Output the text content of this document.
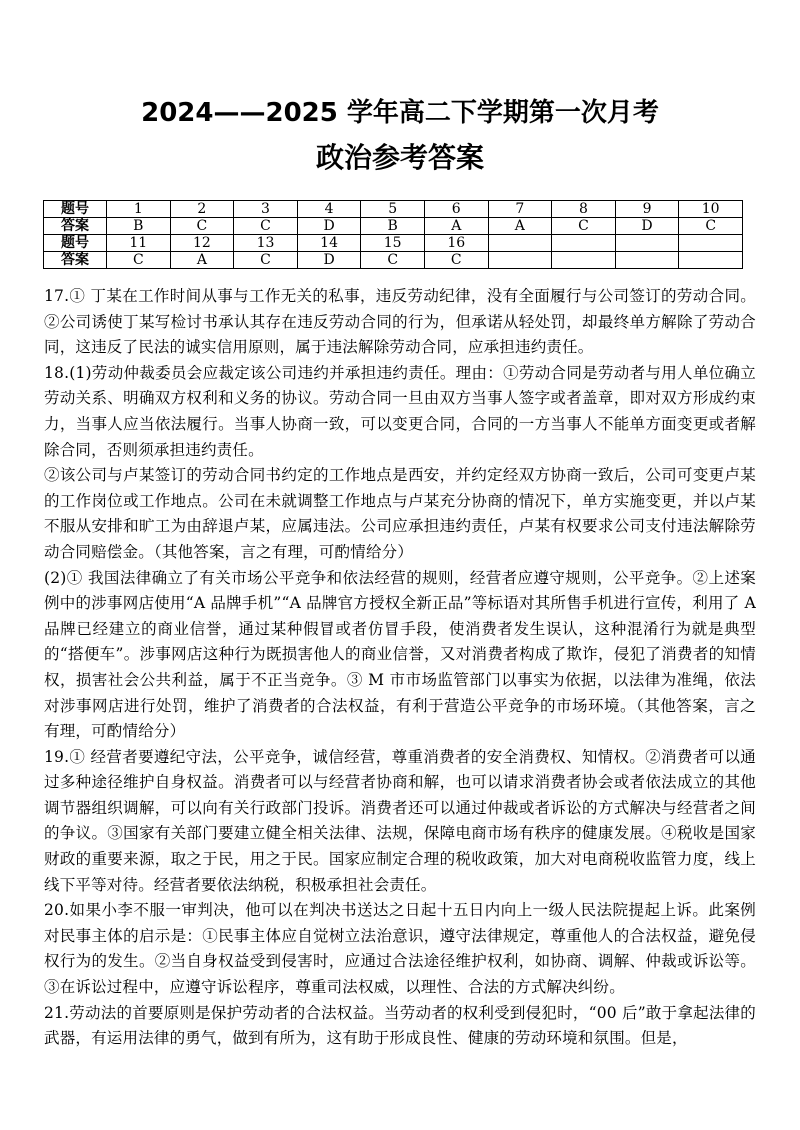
2024——2025 学年高二下学期第一次月考
政治参考答案
题号	1	2	3	4	5	6	7	8	9	10
答案	B	C	C	D	B	A	A	C	D	C
题号	11	12	13	14	15	16				
答案	C	A	C	D	C	C				

17.① 丁某在工作时间从事与工作无关的私事，违反劳动纪律，没有全面履行与公司签订的劳动合同。②公司诱使丁某写检讨书承认其存在违反劳动合同的行为，但承诺从轻处罚，却最终单方解除了劳动合同，这违反了民法的诚实信用原则，属于违法解除劳动合同，应承担违约责任。

18.(1)劳动仲裁委员会应裁定该公司违约并承担违约责任。理由：①劳动合同是劳动者与用人单位确立劳动关系、明确双方权利和义务的协议。劳动合同一旦由双方当事人签字或者盖章，即对双方形成约束力，当事人应当依法履行。当事人协商一致，可以变更合同，合同的一方当事人不能单方面变更或者解除合同，否则须承担违约责任。

②该公司与卢某签订的劳动合同书约定的工作地点是西安，并约定经双方协商一致后，公司可变更卢某的工作岗位或工作地点。公司在未就调整工作地点与卢某充分协商的情况下，单方实施变更，并以卢某不服从安排和旷工为由辞退卢某，应属违法。公司应承担违约责任，卢某有权要求公司支付违法解除劳动合同赔偿金。（其他答案，言之有理，可酌情给分）

(2)① 我国法律确立了有关市场公平竞争和依法经营的规则，经营者应遵守规则，公平竞争。②上述案例中的涉事网店使用“A 品牌手机”“A 品牌官方授权全新正品”等标语对其所售手机进行宣传，利用了 A 品牌已经建立的商业信誉，通过某种假冒或者仿冒手段，使消费者发生误认，这种混淆行为就是典型的“搭便车”。涉事网店这种行为既损害他人的商业信誉，又对消费者构成了欺诈，侵犯了消费者的知情权，损害社会公共利益，属于不正当竞争。③ M 市市场监管部门以事实为依据，以法律为准绳，依法对涉事网店进行处罚，维护了消费者的合法权益，有利于营造公平竞争的市场环境。（其他答案，言之有理，可酌情给分）

19.① 经营者要遵纪守法，公平竞争，诚信经营，尊重消费者的安全消费权、知情权。②消费者可以通过多种途径维护自身权益。消费者可以与经营者协商和解，也可以请求消费者协会或者依法成立的其他调节器组织调解，可以向有关行政部门投诉。消费者还可以通过仲裁或者诉讼的方式解决与经营者之间的争议。③国家有关部门要建立健全相关法律、法规，保障电商市场有秩序的健康发展。④税收是国家财政的重要来源，取之于民，用之于民。国家应制定合理的税收政策，加大对电商税收监管力度，线上线下平等对待。经营者要依法纳税，积极承担社会责任。

20.如果小李不服一审判决，他可以在判决书送达之日起十五日内向上一级人民法院提起上诉。此案例对民事主体的启示是：①民事主体应自觉树立法治意识，遵守法律规定，尊重他人的合法权益，避免侵权行为的发生。②当自身权益受到侵害时，应通过合法途径维护权利，如协商、调解、仲裁或诉讼等。③在诉讼过程中，应遵守诉讼程序，尊重司法权威，以理性、合法的方式解决纠纷。

21.劳动法的首要原则是保护劳动者的合法权益。当劳动者的权利受到侵犯时，“00 后”敢于拿起法律的武器，有运用法律的勇气，做到有所为，这有助于形成良性、健康的劳动环境和氛围。但是，
